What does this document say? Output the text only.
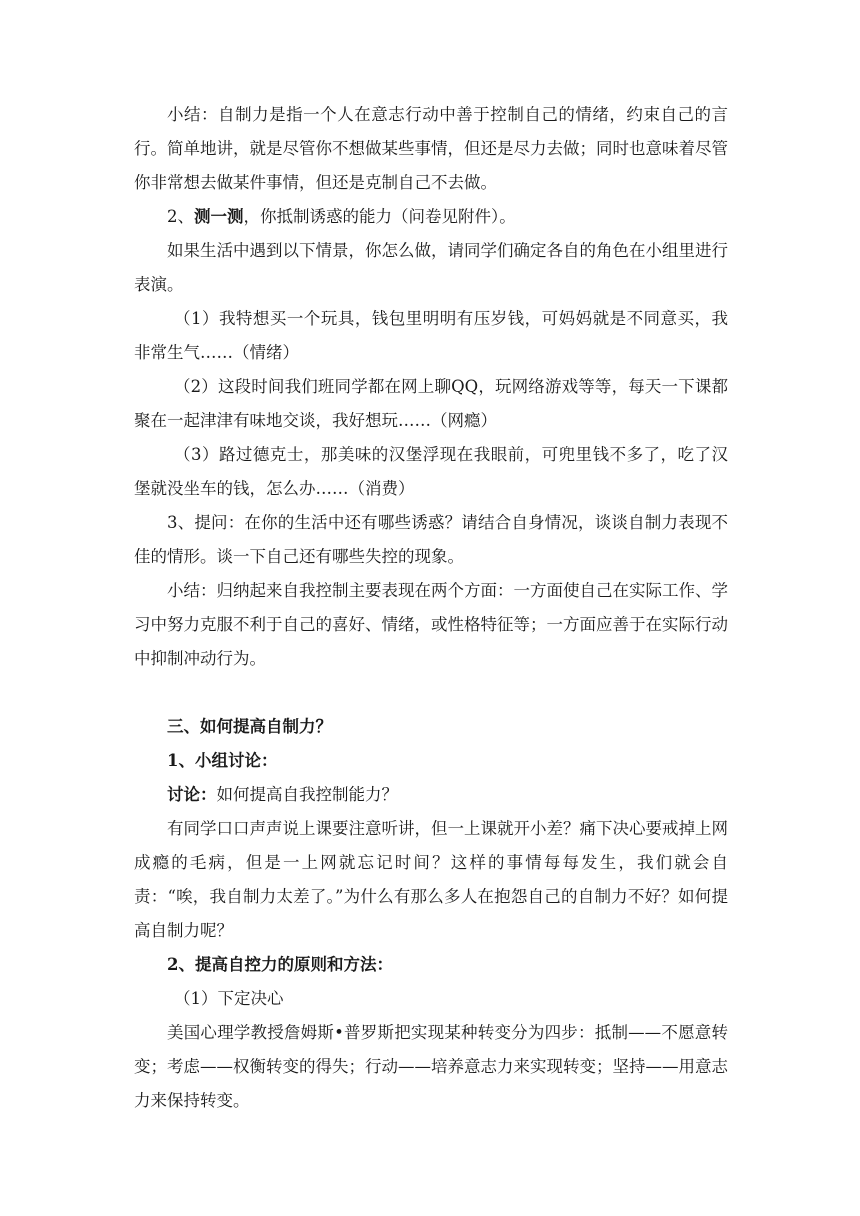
小结：自制力是指一个人在意志行动中善于控制自己的情绪，约束自己的言行。简单地讲，就是尽管你不想做某些事情，但还是尽力去做；同时也意味着尽管你非常想去做某件事情，但还是克制自己不去做。

2、测一测，你抵制诱惑的能力（问卷见附件）。

如果生活中遇到以下情景，你怎么做，请同学们确定各自的角色在小组里进行表演。

（1）我特想买一个玩具，钱包里明明有压岁钱，可妈妈就是不同意买，我非常生气……（情绪）

（2）这段时间我们班同学都在网上聊QQ，玩网络游戏等等，每天一下课都聚在一起津津有味地交谈，我好想玩……（网瘾）

（3）路过德克士，那美味的汉堡浮现在我眼前，可兜里钱不多了，吃了汉堡就没坐车的钱，怎么办……（消费）

3、提问：在你的生活中还有哪些诱惑？请结合自身情况，谈谈自制力表现不佳的情形。谈一下自己还有哪些失控的现象。

小结：归纳起来自我控制主要表现在两个方面：一方面使自己在实际工作、学习中努力克服不利于自己的喜好、情绪，或性格特征等；一方面应善于在实际行动中抑制冲动行为。

三、如何提高自制力？

1、小组讨论：

讨论：如何提高自我控制能力？

有同学口口声声说上课要注意听讲，但一上课就开小差？痛下决心要戒掉上网成瘾的毛病，但是一上网就忘记时间？这样的事情每每发生，我们就会自责：“唉，我自制力太差了。”为什么有那么多人在抱怨自己的自制力不好？如何提高自制力呢？

2、提高自控力的原则和方法：

（1）下定决心

美国心理学教授詹姆斯•普罗斯把实现某种转变分为四步：抵制——不愿意转变；考虑——权衡转变的得失；行动——培养意志力来实现转变；坚持——用意志力来保持转变。
